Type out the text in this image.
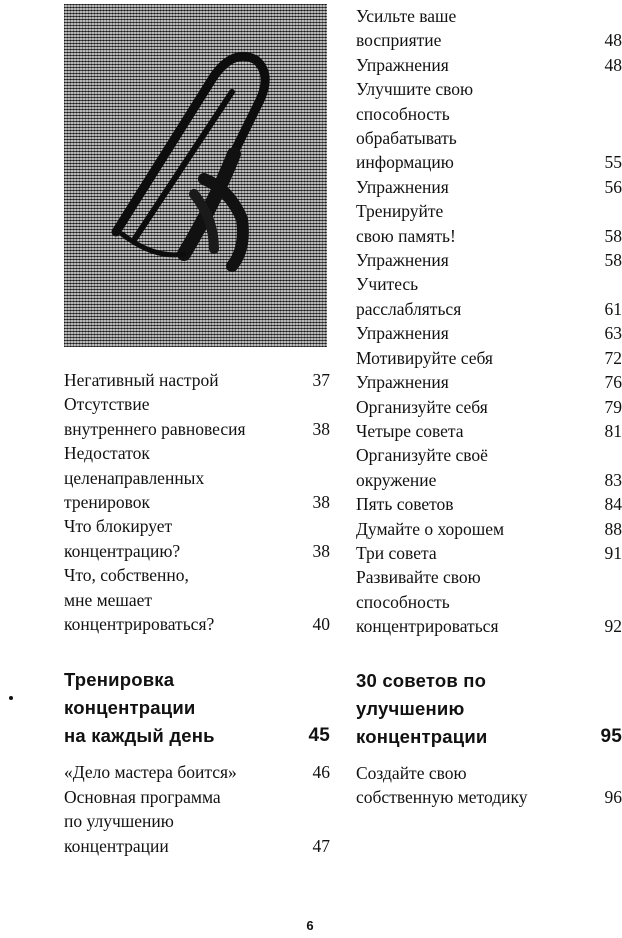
Негативный настрой	37
Отсутствие
внутреннего равновесия	38
Недостаток
целенаправленных
тренировок	38
Что блокирует
концентрацию?	38
Что, собственно,
мне мешает
концентрироваться?	40
Тренировка
концентрации
на каждый день	45
«Дело мастера боится»	46
Основная программа
по улучшению
концентрации	47
Усильте ваше
восприятие	48
Упражнения	48
Улучшите свою
способность
обрабатывать
информацию	55
Упражнения	56
Тренируйте
свою память!	58
Упражнения	58
Учитесь
расслабляться	61
Упражнения	63
Мотивируйте себя	72
Упражнения	76
Организуйте себя	79
Четыре совета	81
Организуйте своё
окружение	83
Пять советов	84
Думайте о хорошем	88
Три совета	91
Развивайте свою
способность
концентрироваться	92
30 советов по
улучшению
концентрации	95
Создайте свою
собственную методику	96
6
